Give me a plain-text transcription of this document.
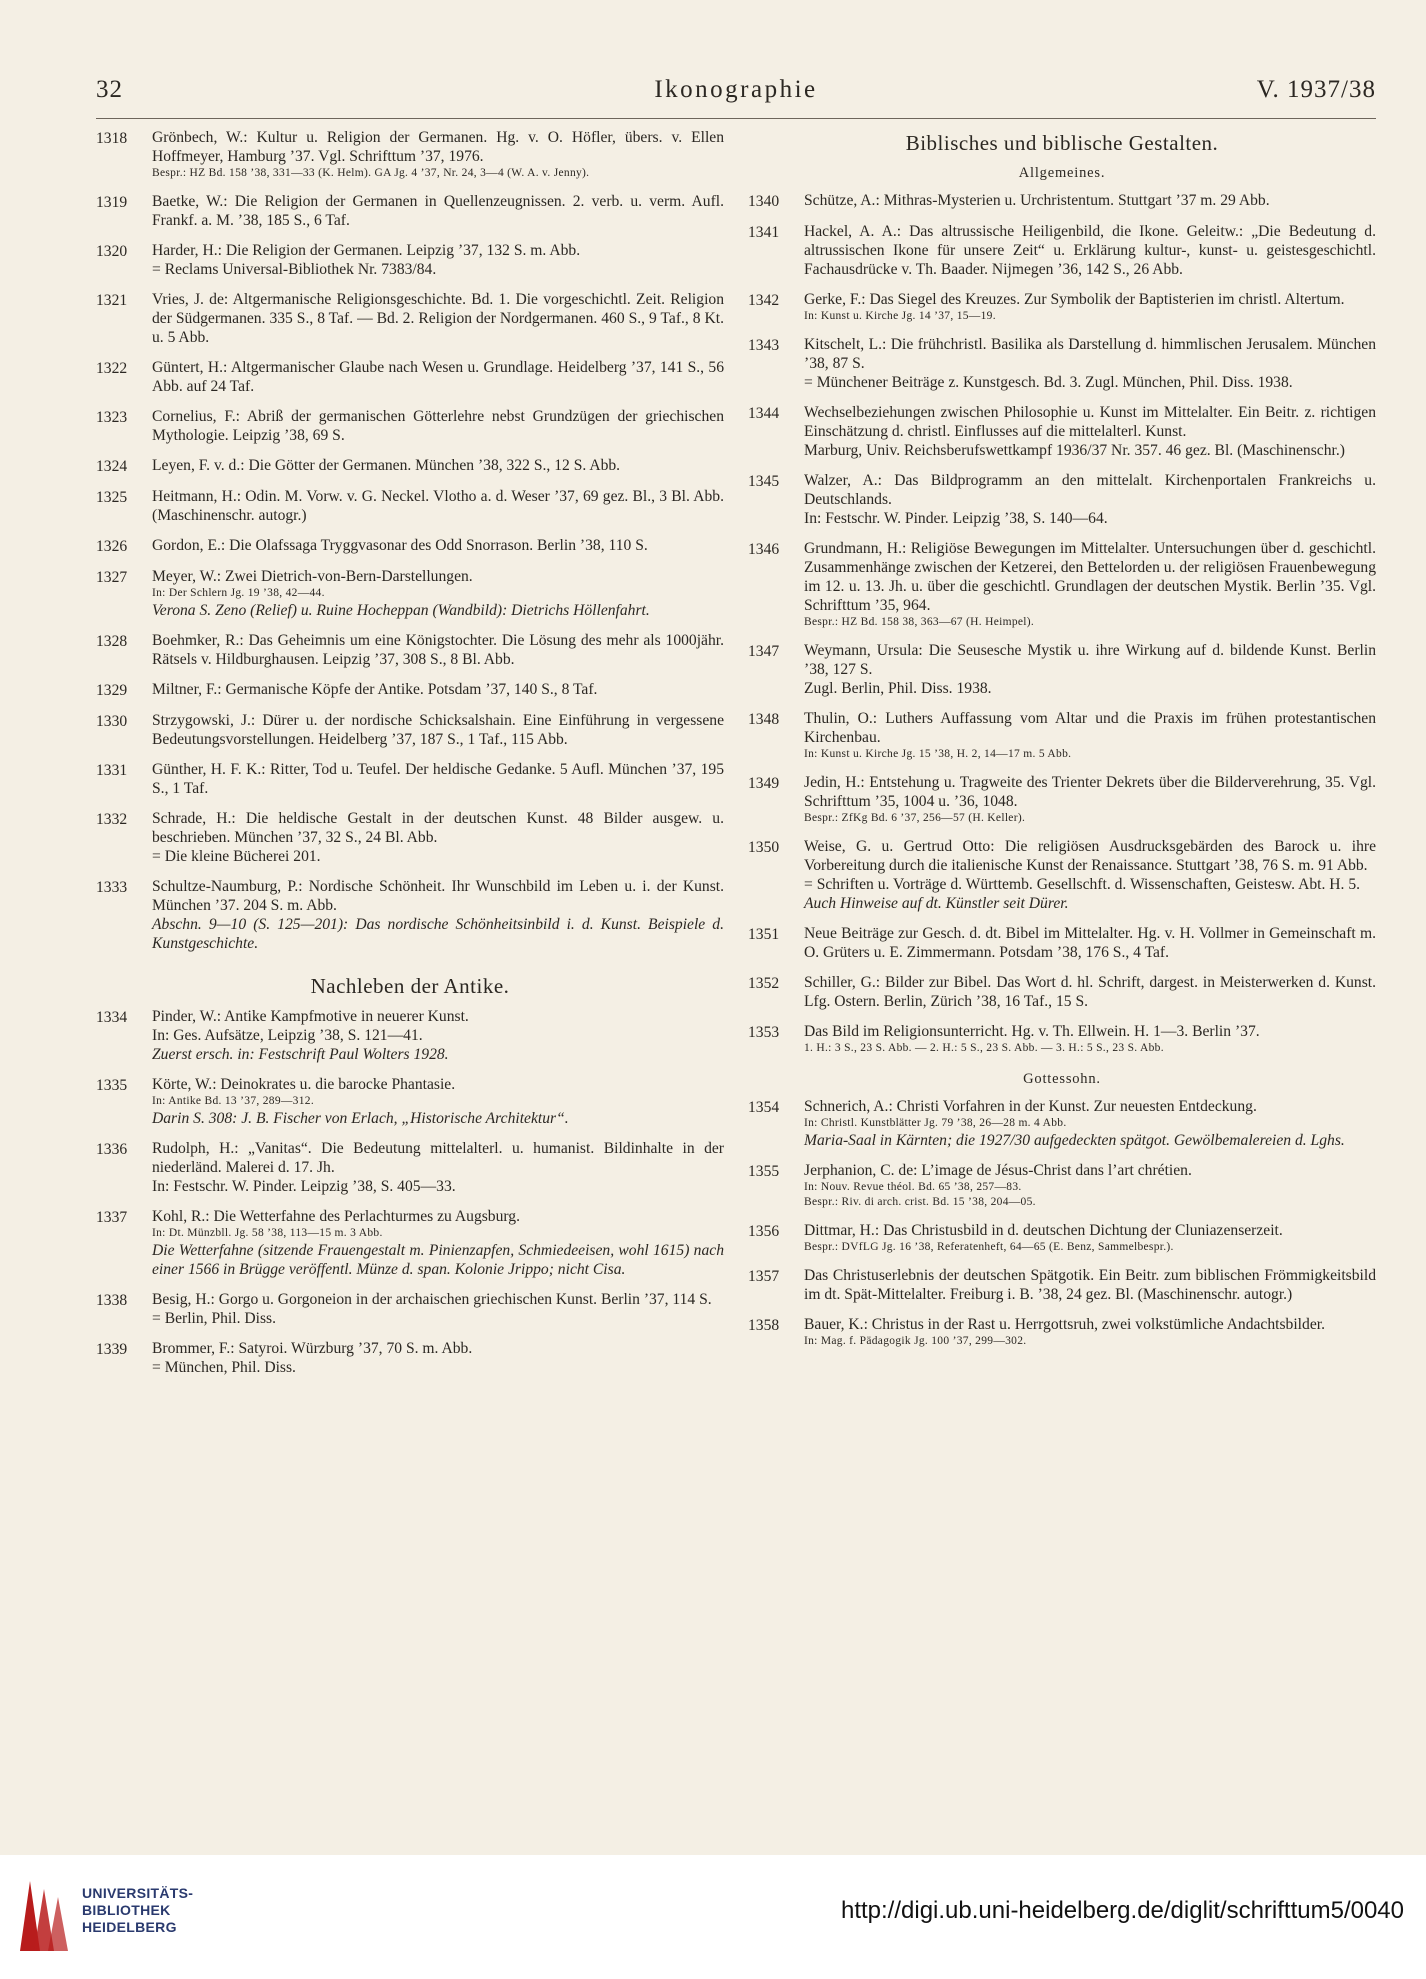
32	Ikonographie	V. 1937/38
1318	Grönbech, W.: Kultur u. Religion der Germanen. Hg. v. O. Höfler, übers. v. Ellen Hoffmeyer, Hamburg ’37. Vgl. Schrifttum ’37, 1976.
Bespr.: HZ Bd. 158 ’38, 331—33 (K. Helm). GA Jg. 4 ’37, Nr. 24, 3—4 (W. A. v. Jenny).
1319	Baetke, W.: Die Religion der Germanen in Quellenzeugnissen. 2. verb. u. verm. Aufl. Frankf. a. M. ’38, 185 S., 6 Taf.
1320	Harder, H.: Die Religion der Germanen. Leipzig ’37, 132 S. m. Abb.
= Reclams Universal-Bibliothek Nr. 7383/84.
1321	Vries, J. de: Altgermanische Religionsgeschichte. Bd. 1. Die vorgeschichtl. Zeit. Religion der Südgermanen. 335 S., 8 Taf. — Bd. 2. Religion der Nordgermanen. 460 S., 9 Taf., 8 Kt. u. 5 Abb.
1322	Güntert, H.: Altgermanischer Glaube nach Wesen u. Grundlage. Heidelberg ’37, 141 S., 56 Abb. auf 24 Taf.
1323	Cornelius, F.: Abriß der germanischen Götterlehre nebst Grundzügen der griechischen Mythologie. Leipzig ’38, 69 S.
1324	Leyen, F. v. d.: Die Götter der Germanen. München ’38, 322 S., 12 S. Abb.
1325	Heitmann, H.: Odin. M. Vorw. v. G. Neckel. Vlotho a. d. Weser ’37, 69 gez. Bl., 3 Bl. Abb. (Maschinenschr. autogr.)
1326	Gordon, E.: Die Olafssaga Tryggvasonar des Odd Snorrason. Berlin ’38, 110 S.
1327	Meyer, W.: Zwei Dietrich-von-Bern-Darstellungen.
In: Der Schlern Jg. 19 ’38, 42—44.
Verona S. Zeno (Relief) u. Ruine Hocheppan (Wandbild): Dietrichs Höllenfahrt.
1328	Boehmker, R.: Das Geheimnis um eine Königstochter. Die Lösung des mehr als 1000jähr. Rätsels v. Hildburghausen. Leipzig ’37, 308 S., 8 Bl. Abb.
1329	Miltner, F.: Germanische Köpfe der Antike. Potsdam ’37, 140 S., 8 Taf.
1330	Strzygowski, J.: Dürer u. der nordische Schicksalshain. Eine Einführung in vergessene Bedeutungsvorstellungen. Heidelberg ’37, 187 S., 1 Taf., 115 Abb.
1331	Günther, H. F. K.: Ritter, Tod u. Teufel. Der heldische Gedanke. 5 Aufl. München ’37, 195 S., 1 Taf.
1332	Schrade, H.: Die heldische Gestalt in der deutschen Kunst. 48 Bilder ausgew. u. beschrieben. München ’37, 32 S., 24 Bl. Abb.
= Die kleine Bücherei 201.
1333	Schultze-Naumburg, P.: Nordische Schönheit. Ihr Wunschbild im Leben u. i. der Kunst. München ’37. 204 S. m. Abb.
Abschn. 9—10 (S. 125—201): Das nordische Schönheitsinbild i. d. Kunst. Beispiele d. Kunstgeschichte.
Nachleben der Antike.
1334	Pinder, W.: Antike Kampfmotive in neuerer Kunst.
In: Ges. Aufsätze, Leipzig ’38, S. 121—41.
Zuerst ersch. in: Festschrift Paul Wolters 1928.
1335	Körte, W.: Deinokrates u. die barocke Phantasie.
In: Antike Bd. 13 ’37, 289—312.
Darin S. 308: J. B. Fischer von Erlach, „Historische Architektur“.
1336	Rudolph, H.: „Vanitas“. Die Bedeutung mittelalterl. u. humanist. Bildinhalte in der niederländ. Malerei d. 17. Jh.
In: Festschr. W. Pinder. Leipzig ’38, S. 405—33.
1337	Kohl, R.: Die Wetterfahne des Perlachturmes zu Augsburg.
In: Dt. Münzbll. Jg. 58 ’38, 113—15 m. 3 Abb.
Die Wetterfahne (sitzende Frauengestalt m. Pinienzapfen, Schmiedeeisen, wohl 1615) nach einer 1566 in Brügge veröffentl. Münze d. span. Kolonie Jrippo; nicht Cisa.
1338	Besig, H.: Gorgo u. Gorgoneion in der archaischen griechischen Kunst. Berlin ’37, 114 S.
= Berlin, Phil. Diss.
1339	Brommer, F.: Satyroi. Würzburg ’37, 70 S. m. Abb.
= München, Phil. Diss.
Biblisches und biblische Gestalten.
Allgemeines.
1340	Schütze, A.: Mithras-Mysterien u. Urchristentum. Stuttgart ’37 m. 29 Abb.
1341	Hackel, A. A.: Das altrussische Heiligenbild, die Ikone. Geleitw.: „Die Bedeutung d. altrussischen Ikone für unsere Zeit“ u. Erklärung kultur-, kunst- u. geistesgeschichtl. Fachausdrücke v. Th. Baader. Nijmegen ’36, 142 S., 26 Abb.
1342	Gerke, F.: Das Siegel des Kreuzes. Zur Symbolik der Baptisterien im christl. Altertum.
In: Kunst u. Kirche Jg. 14 ’37, 15—19.
1343	Kitschelt, L.: Die frühchristl. Basilika als Darstellung d. himmlischen Jerusalem. München ’38, 87 S.
= Münchener Beiträge z. Kunstgesch. Bd. 3. Zugl. München, Phil. Diss. 1938.
1344	Wechselbeziehungen zwischen Philosophie u. Kunst im Mittelalter. Ein Beitr. z. richtigen Einschätzung d. christl. Einflusses auf die mittelalterl. Kunst.
Marburg, Univ. Reichsberufswettkampf 1936/37 Nr. 357. 46 gez. Bl. (Maschinenschr.)
1345	Walzer, A.: Das Bildprogramm an den mittelalt. Kirchenportalen Frankreichs u. Deutschlands.
In: Festschr. W. Pinder. Leipzig ’38, S. 140—64.
1346	Grundmann, H.: Religiöse Bewegungen im Mittelalter. Untersuchungen über d. geschichtl. Zusammenhänge zwischen der Ketzerei, den Bettelorden u. der religiösen Frauenbewegung im 12. u. 13. Jh. u. über die geschichtl. Grundlagen der deutschen Mystik. Berlin ’35. Vgl. Schrifttum ’35, 964.
Bespr.: HZ Bd. 158 38, 363—67 (H. Heimpel).
1347	Weymann, Ursula: Die Seusesche Mystik u. ihre Wirkung auf d. bildende Kunst. Berlin ’38, 127 S.
Zugl. Berlin, Phil. Diss. 1938.
1348	Thulin, O.: Luthers Auffassung vom Altar und die Praxis im frühen protestantischen Kirchenbau.
In: Kunst u. Kirche Jg. 15 ’38, H. 2, 14—17 m. 5 Abb.
1349	Jedin, H.: Entstehung u. Tragweite des Trienter Dekrets über die Bilderverehrung, 35. Vgl. Schrifttum ’35, 1004 u. ’36, 1048.
Bespr.: ZfKg Bd. 6 ’37, 256—57 (H. Keller).
1350	Weise, G. u. Gertrud Otto: Die religiösen Ausdrucksgebärden des Barock u. ihre Vorbereitung durch die italienische Kunst der Renaissance. Stuttgart ’38, 76 S. m. 91 Abb.
= Schriften u. Vorträge d. Württemb. Gesellschft. d. Wissenschaften, Geistesw. Abt. H. 5.
Auch Hinweise auf dt. Künstler seit Dürer.
1351	Neue Beiträge zur Gesch. d. dt. Bibel im Mittelalter. Hg. v. H. Vollmer in Gemeinschaft m. O. Grüters u. E. Zimmermann. Potsdam ’38, 176 S., 4 Taf.
1352	Schiller, G.: Bilder zur Bibel. Das Wort d. hl. Schrift, dargest. in Meisterwerken d. Kunst. Lfg. Ostern. Berlin, Zürich ’38, 16 Taf., 15 S.
1353	Das Bild im Religionsunterricht. Hg. v. Th. Ellwein. H. 1—3. Berlin ’37.
1. H.: 3 S., 23 S. Abb. — 2. H.: 5 S., 23 S. Abb. — 3. H.: 5 S., 23 S. Abb.
Gottessohn.
1354	Schnerich, A.: Christi Vorfahren in der Kunst. Zur neuesten Entdeckung.
In: Christl. Kunstblätter Jg. 79 ’38, 26—28 m. 4 Abb.
Maria-Saal in Kärnten; die 1927/30 aufgedeckten spätgot. Gewölbemalereien d. Lghs.
1355	Jerphanion, C. de: L’image de Jésus-Christ dans l’art chrétien.
In: Nouv. Revue théol. Bd. 65 ’38, 257—83.
Bespr.: Riv. di arch. crist. Bd. 15 ’38, 204—05.
1356	Dittmar, H.: Das Christusbild in d. deutschen Dichtung der Cluniazenserzeit.
Bespr.: DVfLG Jg. 16 ’38, Referatenheft, 64—65 (E. Benz, Sammelbespr.).
1357	Das Christuserlebnis der deutschen Spätgotik. Ein Beitr. zum biblischen Frömmigkeitsbild im dt. Spät-Mittelalter. Freiburg i. B. ’38, 24 gez. Bl. (Maschinenschr. autogr.)
1358	Bauer, K.: Christus in der Rast u. Herrgottsruh, zwei volkstümliche Andachtsbilder.
In: Mag. f. Pädagogik Jg. 100 ’37, 299—302.
UNIVERSITÄTS-
BIBLIOTHEK
HEIDELBERG
http://digi.ub.uni-heidelberg.de/diglit/schrifttum5/0040
